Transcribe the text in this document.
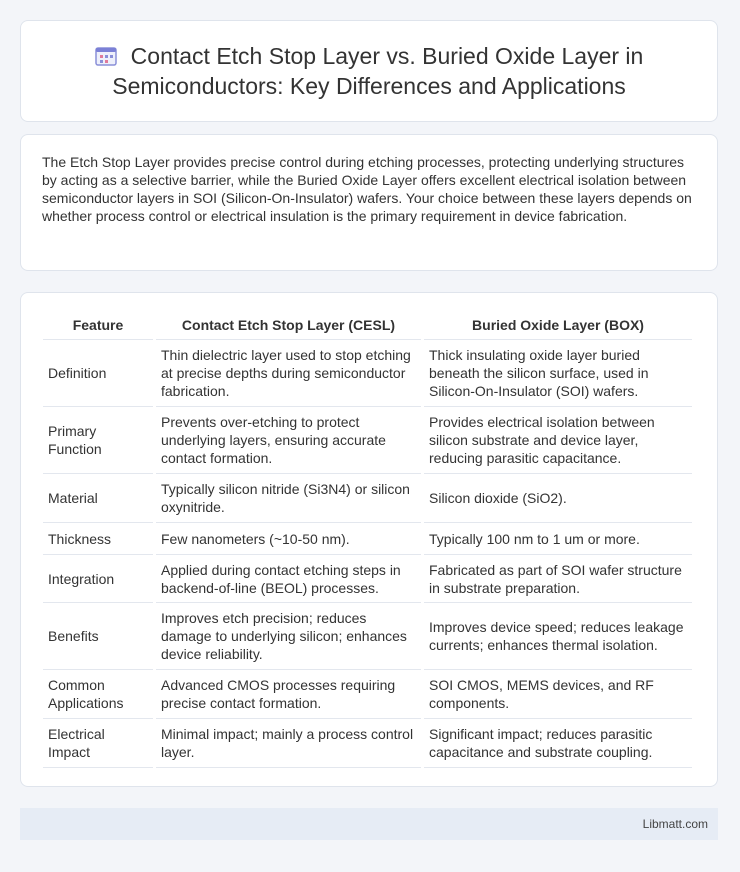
Contact Etch Stop Layer vs. Buried Oxide Layer in Semiconductors: Key Differences and Applications

The Etch Stop Layer provides precise control during etching processes, protecting underlying structures by acting as a selective barrier, while the Buried Oxide Layer offers excellent electrical isolation between semiconductor layers in SOI (Silicon-On-Insulator) wafers. Your choice between these layers depends on whether process control or electrical insulation is the primary requirement in device fabrication.

Feature	Contact Etch Stop Layer (CESL)	Buried Oxide Layer (BOX)
Definition	Thin dielectric layer used to stop etching at precise depths during semiconductor fabrication.	Thick insulating oxide layer buried beneath the silicon surface, used in Silicon-On-Insulator (SOI) wafers.
Primary Function	Prevents over-etching to protect underlying layers, ensuring accurate contact formation.	Provides electrical isolation between silicon substrate and device layer, reducing parasitic capacitance.
Material	Typically silicon nitride (Si3N4) or silicon oxynitride.	Silicon dioxide (SiO2).
Thickness	Few nanometers (~10-50 nm).	Typically 100 nm to 1 um or more.
Integration	Applied during contact etching steps in backend-of-line (BEOL) processes.	Fabricated as part of SOI wafer structure in substrate preparation.
Benefits	Improves etch precision; reduces damage to underlying silicon; enhances device reliability.	Improves device speed; reduces leakage currents; enhances thermal isolation.
Common Applications	Advanced CMOS processes requiring precise contact formation.	SOI CMOS, MEMS devices, and RF components.
Electrical Impact	Minimal impact; mainly a process control layer.	Significant impact; reduces parasitic capacitance and substrate coupling.
Libmatt.com
